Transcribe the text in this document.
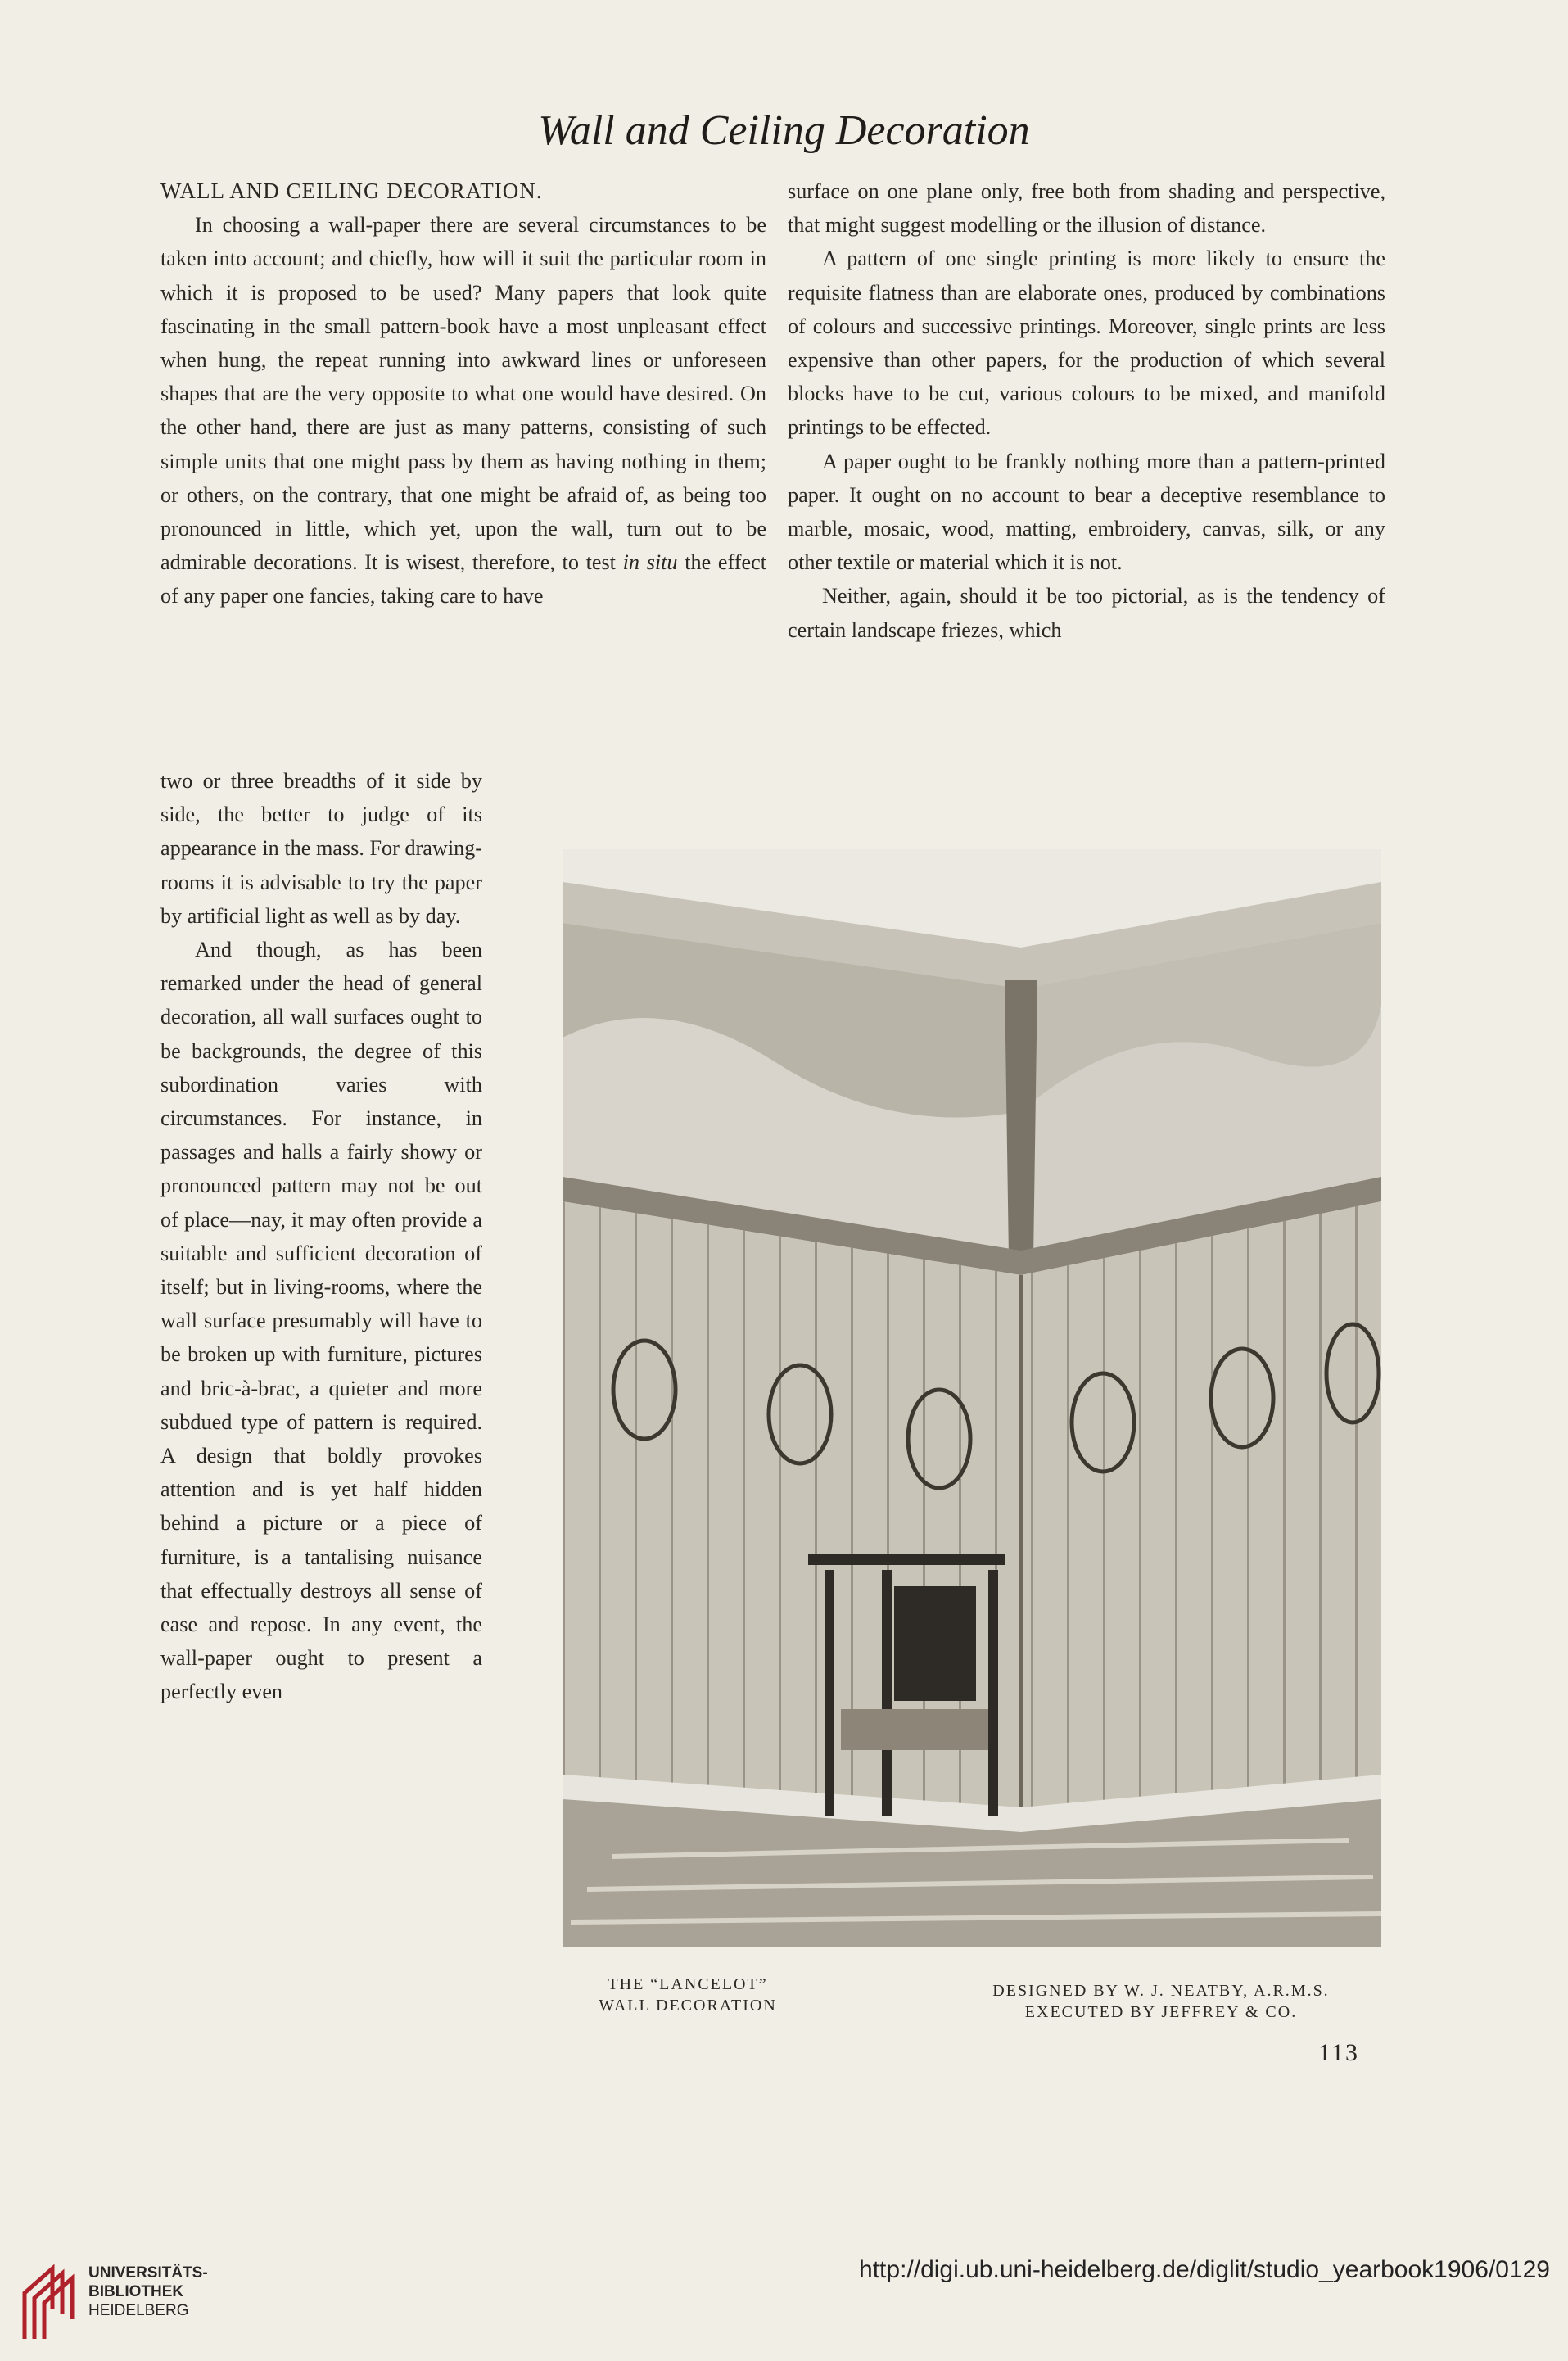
Wall and Ceiling Decoration

WALL AND CEILING DECORATION.

In choosing a wall-paper there are several circumstances to be taken into account; and chiefly, how will it suit the particular room in which it is proposed to be used? Many papers that look quite fascinating in the small pattern-book have a most unpleasant effect when hung, the repeat running into awkward lines or unforeseen shapes that are the very opposite to what one would have desired. On the other hand, there are just as many patterns, consisting of such simple units that one might pass by them as having nothing in them; or others, on the contrary, that one might be afraid of, as being too pronounced in little, which yet, upon the wall, turn out to be admirable decorations. It is wisest, therefore, to test in situ the effect of any paper one fancies, taking care to have

two or three breadths of it side by side, the better to judge of its appearance in the mass. For drawing-rooms it is advisable to try the paper by artificial light as well as by day.

And though, as has been remarked under the head of general decoration, all wall surfaces ought to be backgrounds, the degree of this subordination varies with circumstances. For instance, in passages and halls a fairly showy or pronounced pattern may not be out of place—nay, it may often provide a suitable and sufficient decoration of itself; but in living-rooms, where the wall surface presumably will have to be broken up with furniture, pictures and bric-à-brac, a quieter and more subdued type of pattern is required. A design that boldly provokes attention and is yet half hidden behind a picture or a piece of furniture, is a tantalising nuisance that effectually destroys all sense of ease and repose. In any event, the wall-paper ought to present a perfectly even

surface on one plane only, free both from shading and perspective, that might suggest modelling or the illusion of distance.

A pattern of one single printing is more likely to ensure the requisite flatness than are elaborate ones, produced by combinations of colours and successive printings. Moreover, single prints are less expensive than other papers, for the production of which several blocks have to be cut, various colours to be mixed, and manifold printings to be effected.

A paper ought to be frankly nothing more than a pattern-printed paper. It ought on no account to bear a deceptive resemblance to marble, mosaic, wood, matting, embroidery, canvas, silk, or any other textile or material which it is not.

Neither, again, should it be too pictorial, as is the tendency of certain landscape friezes, which

THE “LANCELOT”
WALL DECORATION
DESIGNED BY W. J. NEATBY, A.R.M.S.
EXECUTED BY JEFFREY & CO.
113
UNIVERSITÄTS-
BIBLIOTHEK
HEIDELBERG
http://digi.ub.uni-heidelberg.de/diglit/studio_yearbook1906/0129
